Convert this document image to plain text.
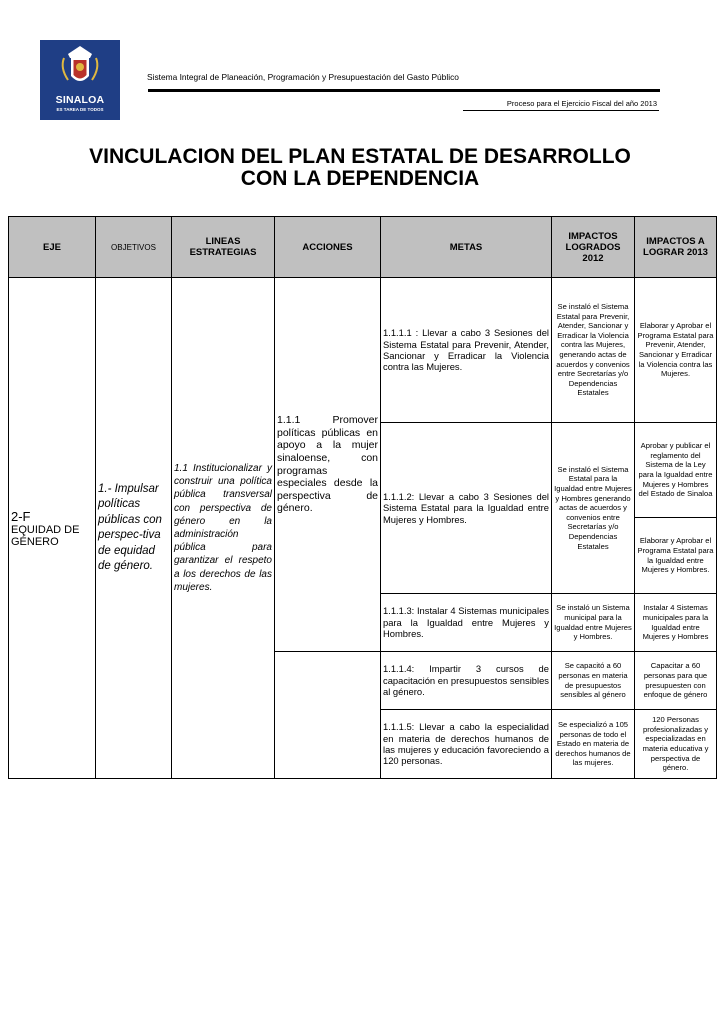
SINALOA
ES TAREA DE TODOS
Sistema Integral de Planeación, Programación y Presupuestación del Gasto Público
Proceso para el Ejercicio Fiscal del año 2013
VINCULACION DEL PLAN ESTATAL DE DESARROLLO
CON LA DEPENDENCIA
EJE	OBJETIVOS	LINEAS ESTRATEGIAS	ACCIONES	METAS	IMPACTOS LOGRADOS 2012	IMPACTOS A LOGRAR 2013

2-F
EQUIDAD DE GÉNERO	1.- Impulsar políticas públicas con perspec-tiva de equidad de género.	1.1 Institucionalizar y construir una política pública transversal con perspectiva de género en la administración pública para garantizar el respeto a los derechos de las mujeres.	1.1.1 Promover políticas públicas en apoyo a la mujer sinaloense, con programas especiales desde la perspectiva de género.	1.1.1.1 : Llevar a cabo 3 Sesiones del Sistema Estatal para Prevenir, Atender, Sancionar y Erradicar la Violencia contra las Mujeres.	Se instaló el Sistema Estatal para Prevenir, Atender, Sancionar y Erradicar la Violencia contra las Mujeres, generando actas de acuerdos y convenios entre Secretarías y/o Dependencias Estatales	Elaborar y Aprobar el Programa Estatal para Prevenir, Atender, Sancionar y Erradicar la Violencia contra las Mujeres.
				1.1.1.2: Llevar a cabo 3 Sesiones del Sistema Estatal para la Igualdad entre Mujeres y Hombres.	Se instaló el Sistema Estatal para la Igualdad entre Mujeres y Hombres generando actas de acuerdos y convenios entre Secretarías y/o Dependencias Estatales	Aprobar y publicar el reglamento del Sistema de la Ley para la Igualdad entre Mujeres y Hombres del Estado de Sinaloa
						Elaborar y Aprobar el Programa Estatal para la Igualdad entre Mujeres y Hombres.
				1.1.1.3: Instalar 4 Sistemas municipales para la Igualdad entre Mujeres y Hombres.	Se instaló un Sistema municipal para la Igualdad entre Mujeres y Hombres.	Instalar 4 Sistemas municipales para la Igualdad entre Mujeres y Hombres
				1.1.1.4: Impartir 3 cursos de capacitación en presupuestos sensibles al género.	Se capacitó a 60 personas en materia de presupuestos sensibles al género	Capacitar a 60 personas para que presupuesten con enfoque de género
				1.1.1.5: Llevar a cabo la especialidad en materia de derechos humanos de las mujeres y educación favoreciendo a 120 personas.	Se especializó a 105 personas de todo el Estado en materia de derechos humanos de las mujeres.	120 Personas profesionalizadas y especializadas en materia educativa y perspectiva de género.
